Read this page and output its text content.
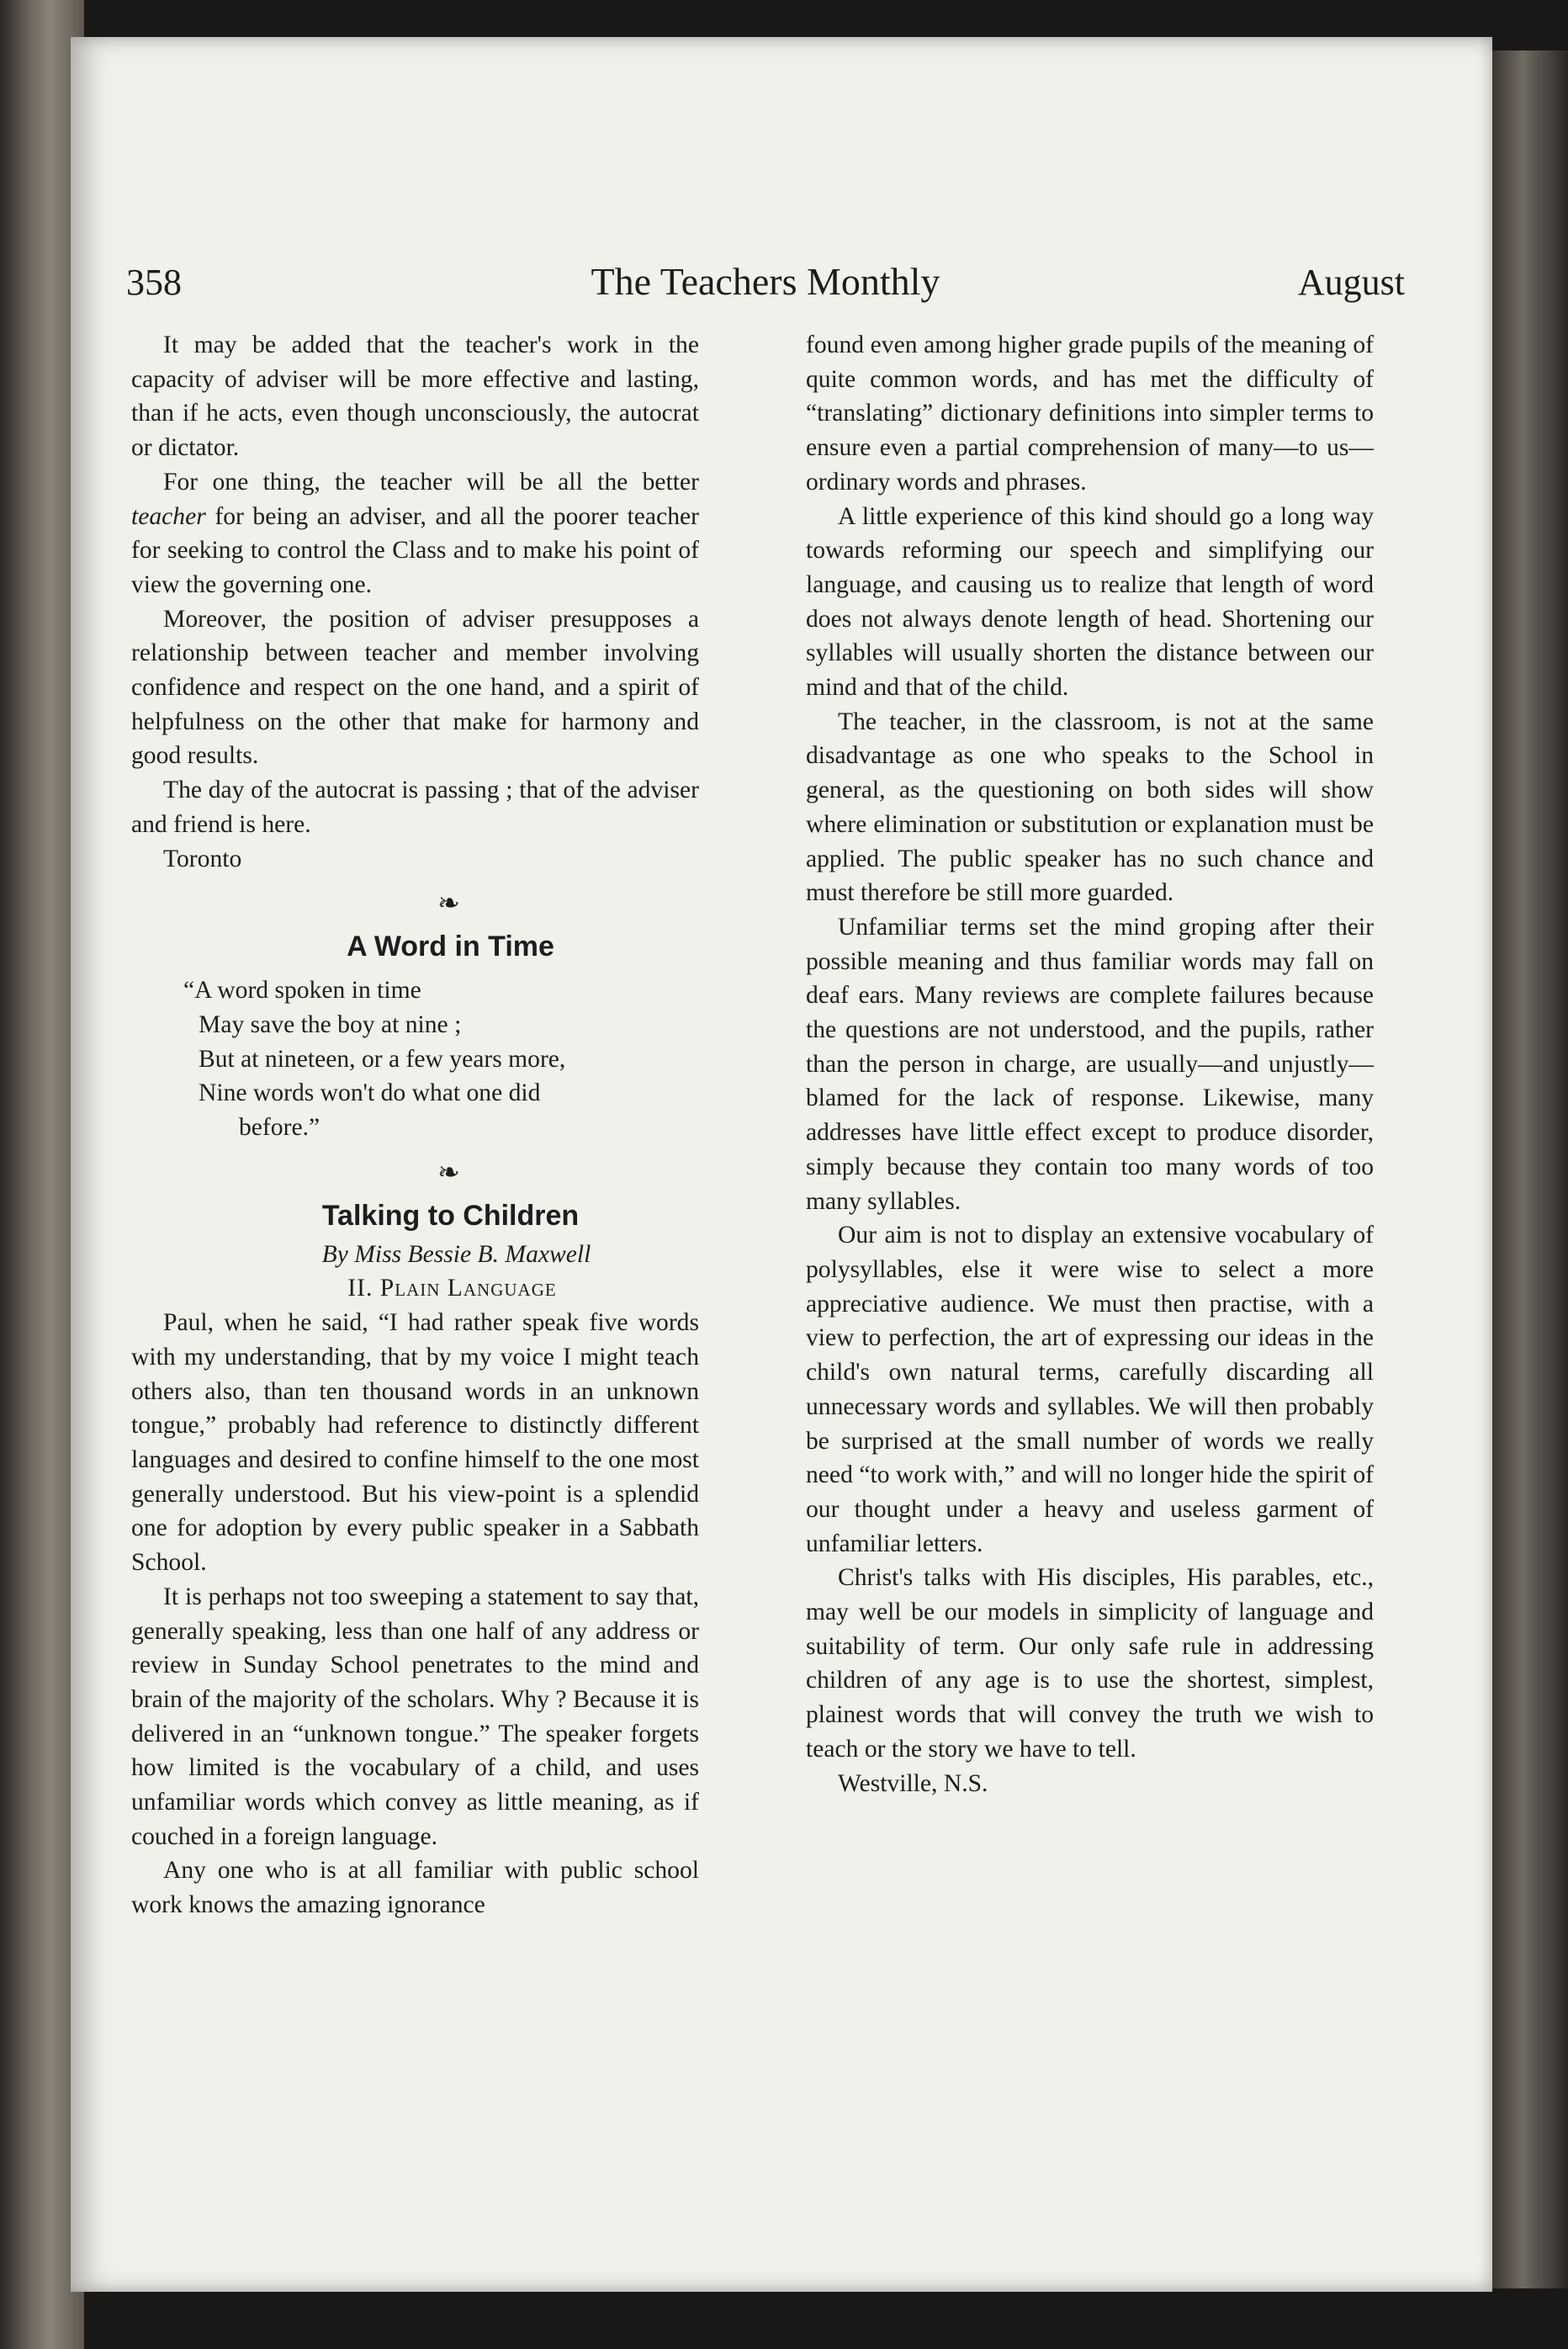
358	The Teachers Monthly	August

It may be added that the teacher's work in the capacity of adviser will be more effective and lasting, than if he acts, even though unconsciously, the autocrat or dictator.

For one thing, the teacher will be all the better teacher for being an adviser, and all the poorer teacher for seeking to control the Class and to make his point of view the governing one.

Moreover, the position of adviser presupposes a relationship between teacher and member involving confidence and respect on the one hand, and a spirit of helpfulness on the other that make for harmony and good results.

The day of the autocrat is passing ; that of the adviser and friend is here.

Toronto

❧
A Word in Time
“A word spoken in time
May save the boy at nine ;
But at nineteen, or a few years more,
Nine words won't do what one did
before.”
❧
Talking to Children

By Miss Bessie B. Maxwell

II. Plain Language

Paul, when he said, “I had rather speak five words with my understanding, that by my voice I might teach others also, than ten thousand words in an unknown tongue,” probably had reference to distinctly different languages and desired to confine himself to the one most generally understood. But his view-point is a splendid one for adoption by every public speaker in a Sabbath School.

It is perhaps not too sweeping a statement to say that, generally speaking, less than one half of any address or review in Sunday School penetrates to the mind and brain of the majority of the scholars. Why ? Because it is delivered in an “unknown tongue.” The speaker forgets how limited is the vocabulary of a child, and uses unfamiliar words which convey as little meaning, as if couched in a foreign language.

Any one who is at all familiar with public school work knows the amazing ignorance

found even among higher grade pupils of the meaning of quite common words, and has met the difficulty of “translating” dictionary definitions into simpler terms to ensure even a partial comprehension of many—to us—ordinary words and phrases.

A little experience of this kind should go a long way towards reforming our speech and simplifying our language, and causing us to realize that length of word does not always denote length of head. Shortening our syllables will usually shorten the distance between our mind and that of the child.

The teacher, in the classroom, is not at the same disadvantage as one who speaks to the School in general, as the questioning on both sides will show where elimination or substitution or explanation must be applied. The public speaker has no such chance and must therefore be still more guarded.

Unfamiliar terms set the mind groping after their possible meaning and thus familiar words may fall on deaf ears. Many reviews are complete failures because the questions are not understood, and the pupils, rather than the person in charge, are usually—and unjustly—blamed for the lack of response. Likewise, many addresses have little effect except to produce disorder, simply because they contain too many words of too many syllables.

Our aim is not to display an extensive vocabulary of polysyllables, else it were wise to select a more appreciative audience. We must then practise, with a view to perfection, the art of expressing our ideas in the child's own natural terms, carefully discarding all unnecessary words and syllables. We will then probably be surprised at the small number of words we really need “to work with,” and will no longer hide the spirit of our thought under a heavy and useless garment of unfamiliar letters.

Christ's talks with His disciples, His parables, etc., may well be our models in simplicity of language and suitability of term. Our only safe rule in addressing children of any age is to use the shortest, simplest, plainest words that will convey the truth we wish to teach or the story we have to tell.

Westville, N.S.
